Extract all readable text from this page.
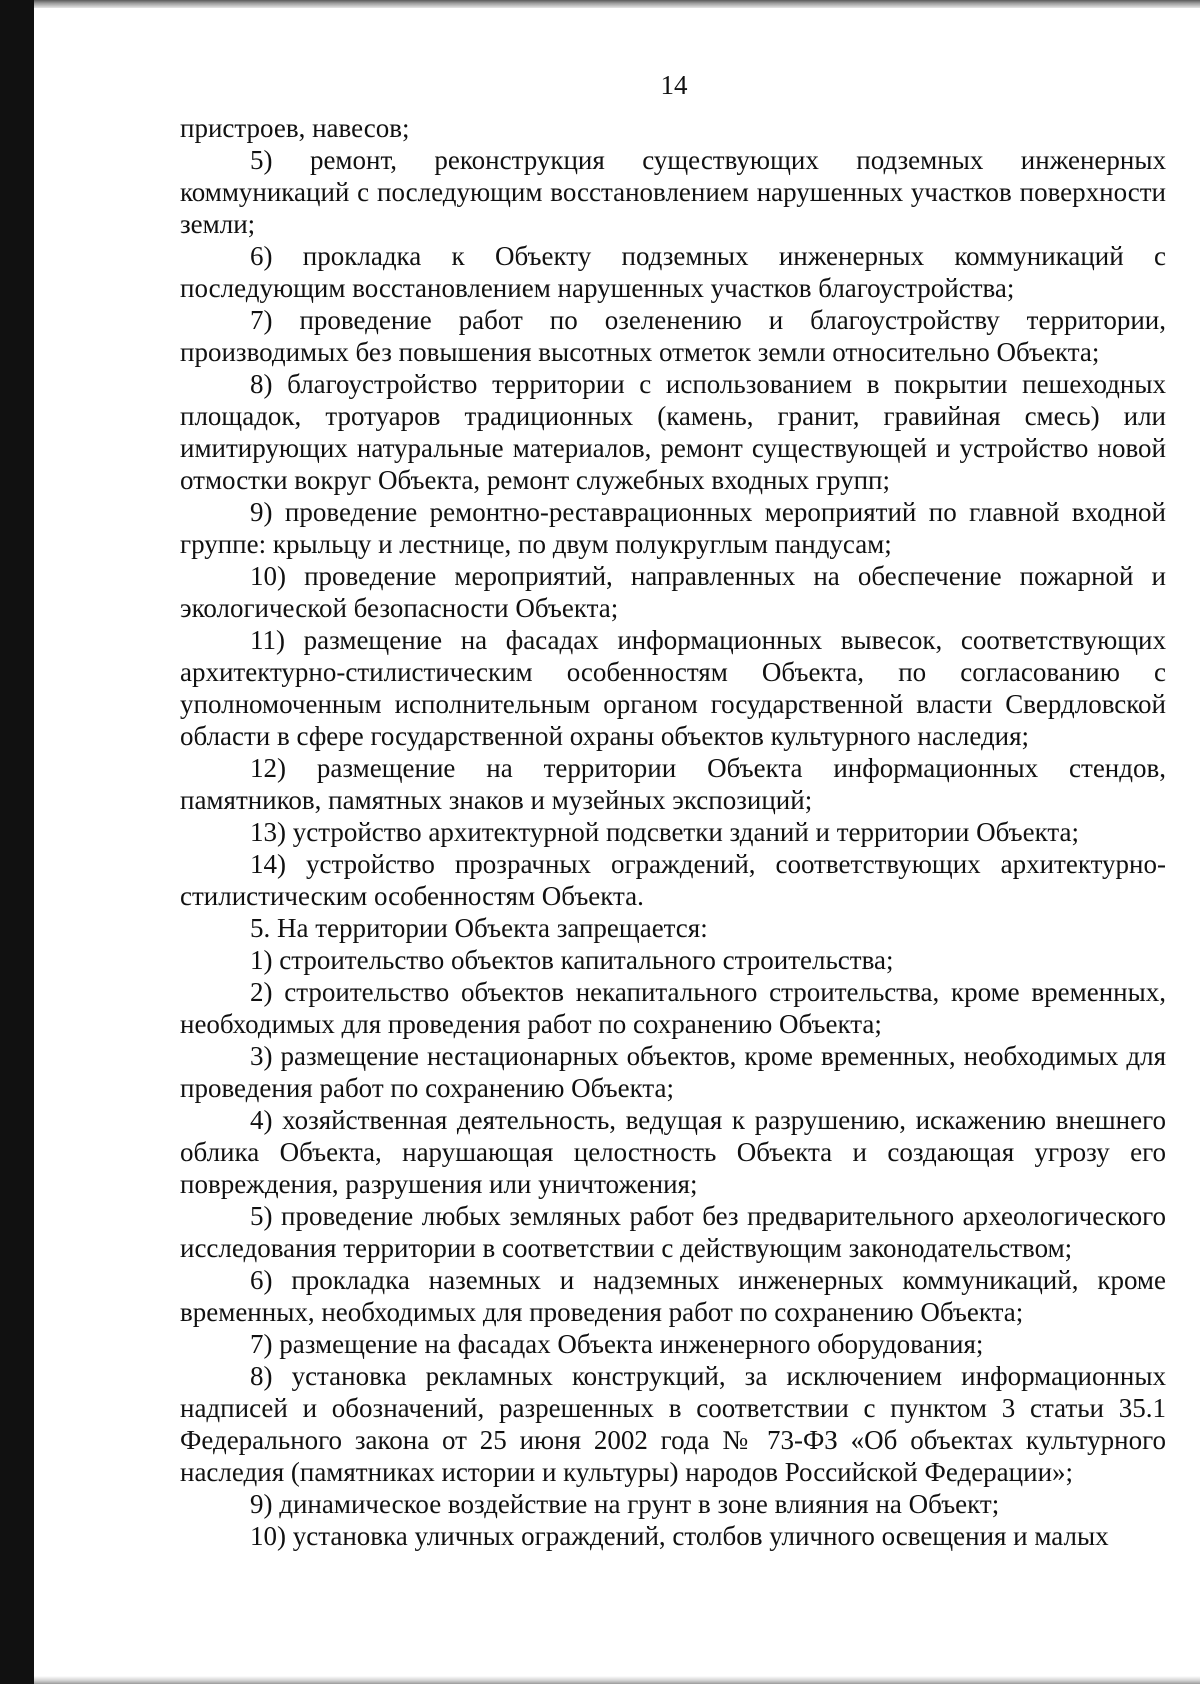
14

пристроев, навесов;

5) ремонт, реконструкция существующих подземных инженерных коммуникаций с последующим восстановлением нарушенных участков поверхности земли;

6) прокладка к Объекту подземных инженерных коммуникаций с последующим восстановлением нарушенных участков благоустройства;

7) проведение работ по озеленению и благоустройству территории, производимых без повышения высотных отметок земли относительно Объекта;

8) благоустройство территории с использованием в покрытии пешеходных площадок, тротуаров традиционных (камень, гранит, гравийная смесь) или имитирующих натуральные материалов, ремонт существующей и устройство новой отмостки вокруг Объекта, ремонт служебных входных групп;

9) проведение ремонтно-реставрационных мероприятий по главной входной группе: крыльцу и лестнице, по двум полукруглым пандусам;

10) проведение мероприятий, направленных на обеспечение пожарной и экологической безопасности Объекта;

11) размещение на фасадах информационных вывесок, соответствующих архитектурно-стилистическим особенностям Объекта, по согласованию с уполномоченным исполнительным органом государственной власти Свердловской области в сфере государственной охраны объектов культурного наследия;

12) размещение на территории Объекта информационных стендов, памятников, памятных знаков и музейных экспозиций;

13) устройство архитектурной подсветки зданий и территории Объекта;

14) устройство прозрачных ограждений, соответствующих архитектурно-стилистическим особенностям Объекта.

5. На территории Объекта запрещается:

1) строительство объектов капитального строительства;

2) строительство объектов некапитального строительства, кроме временных, необходимых для проведения работ по сохранению Объекта;

3) размещение нестационарных объектов, кроме временных, необходимых для проведения работ по сохранению Объекта;

4) хозяйственная деятельность, ведущая к разрушению, искажению внешнего облика Объекта, нарушающая целостность Объекта и создающая угрозу его повреждения, разрушения или уничтожения;

5) проведение любых земляных работ без предварительного археологического исследования территории в соответствии с действующим законодательством;

6) прокладка наземных и надземных инженерных коммуникаций, кроме временных, необходимых для проведения работ по сохранению Объекта;

7) размещение на фасадах Объекта инженерного оборудования;

8) установка рекламных конструкций, за исключением информационных надписей и обозначений, разрешенных в соответствии с пунктом 3 статьи 35.1 Федерального закона от 25 июня 2002 года № 73-ФЗ «Об объектах культурного наследия (памятниках истории и культуры) народов Российской Федерации»;

9) динамическое воздействие на грунт в зоне влияния на Объект;

10) установка уличных ограждений, столбов уличного освещения и малых
